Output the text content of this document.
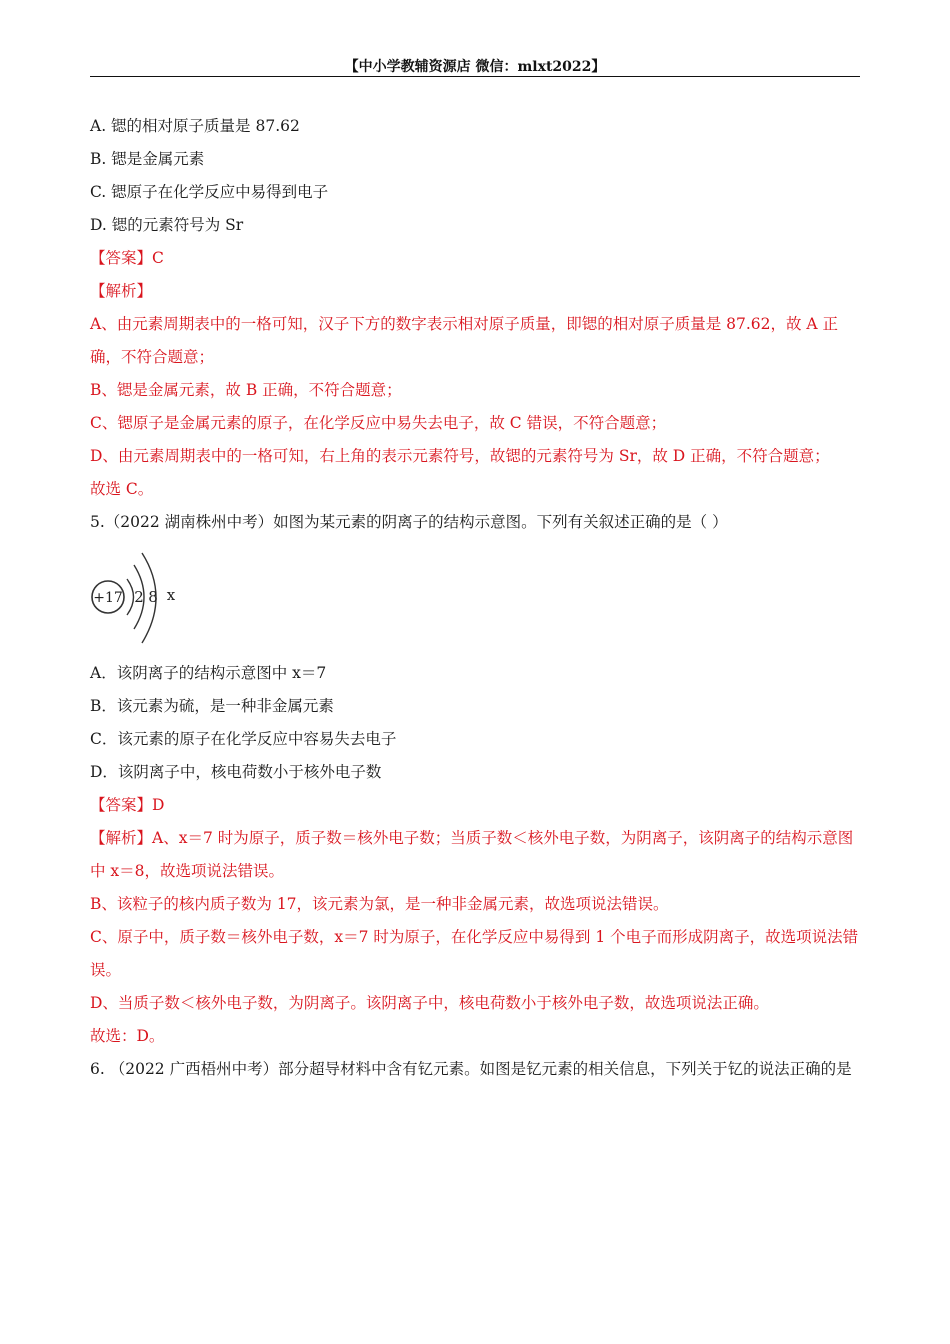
【中小学教辅资源店 微信：mlxt2022】
A. 锶的相对原子质量是 87.62
B. 锶是金属元素
C. 锶原子在化学反应中易得到电子
D. 锶的元素符号为 Sr
【答案】C
【解析】
A、由元素周期表中的一格可知，汉子下方的数字表示相对原子质量，即锶的相对原子质量是 87.62，故 A 正确，不符合题意；
B、锶是金属元素，故 B 正确，不符合题意；
C、锶原子是金属元素的原子，在化学反应中易失去电子，故 C 错误，不符合题意；
D、由元素周期表中的一格可知，右上角的表示元素符号，故锶的元素符号为 Sr，故 D 正确，不符合题意；
故选 C。
5.（2022 湖南株州中考）如图为某元素的阴离子的结构示意图。下列有关叙述正确的是（ ）
+17 2 8 x
A．该阴离子的结构示意图中 x＝7
B．该元素为硫，是一种非金属元素
C．该元素的原子在化学反应中容易失去电子
D．该阴离子中，核电荷数小于核外电子数
【答案】D
【解析】A、x＝7 时为原子，质子数＝核外电子数；当质子数＜核外电子数，为阴离子，该阴离子的结构示意图中 x＝8，故选项说法错误。
B、该粒子的核内质子数为 17，该元素为氯，是一种非金属元素，故选项说法错误。
C、原子中，质子数＝核外电子数，x＝7 时为原子，在化学反应中易得到 1 个电子而形成阴离子，故选项说法错误。
D、当质子数＜核外电子数，为阴离子。该阴离子中，核电荷数小于核外电子数，故选项说法正确。
故选：D。
6. （2022 广西梧州中考）部分超导材料中含有钇元素。如图是钇元素的相关信息，下列关于钇的说法正确的是
